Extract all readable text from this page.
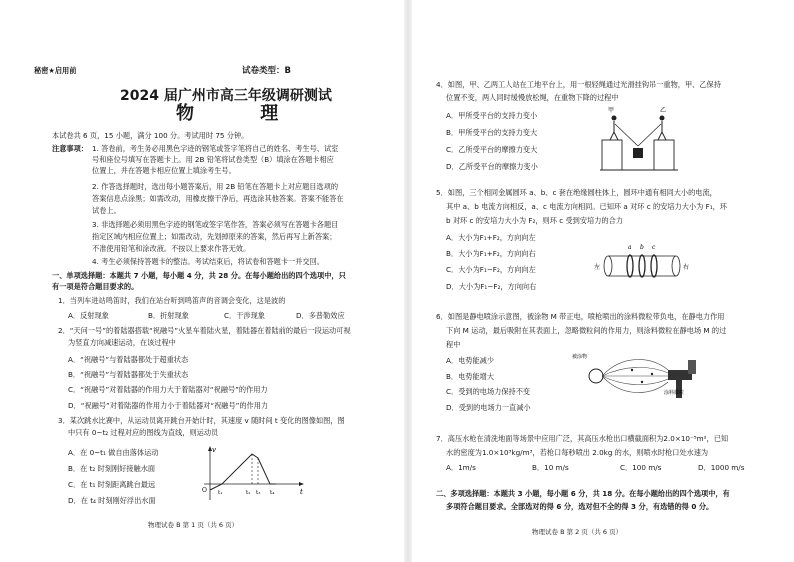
秘密★启用前	试卷类型：B
2024 届广州市高三年级调研测试
物 理
本试卷共 6 页，15 小题，满分 100 分。考试用时 75 分钟。
注意事项： 1. 答卷前，考生务必用黑色字迹的钢笔或签字笔将自己的姓名、考生号、试室
号和座位号填写在答题卡上。用 2B 铅笔将试卷类型（B）填涂在答题卡相应
位置上，并在答题卡相应位置上填涂考生号。
2. 作答选择题时，选出每小题答案后，用 2B 铅笔在答题卡上对应题目选项的
答案信息点涂黑；如需改动，用橡皮擦干净后，再选涂其他答案。答案不能答在
试卷上。
3. 非选择题必须用黑色字迹的钢笔或签字笔作答，答案必须写在答题卡各题目
指定区域内相应位置上；如需改动，先划掉原来的答案，然后再写上新答案；
不准使用铅笔和涂改液。不按以上要求作答无效。
4. 考生必须保持答题卡的整洁。考试结束后，将试卷和答题卡一并交回。
一、单项选择题：本题共 7 小题，每小题 4 分，共 28 分。在每小题给出的四个选项中，只
有一项是符合题目要求的。
1．当列车进站鸣笛时，我们在站台听到鸣笛声的音调会变化，这是波的
A．反射现象	B．折射现象	C．干涉现象	D．多普勒效应
2．“天问一号”的着陆器搭载“祝融号”火星车着陆火星，着陆器在着陆前的最后一段运动可视
为竖直方向减速运动，在该过程中
A．“祝融号”与着陆器都处于超重状态
B．“祝融号”与着陆器都处于失重状态
C．“祝融号”对着陆器的作用力大于着陆器对“祝融号”的作用力
D．“祝融号”对着陆器的作用力小于着陆器对“祝融号”的作用力
3．某次跳水比赛中，从运动员离开跳台开始计时，其速度 v 随时间 t 变化的图像如图，图
中只有 0~t₂ 过程对应的图线为直线，则运动员
A．在 0~t₁ 做自由落体运动
B．在 t₂ 时刻刚好接触水面
C．在 t₁ 时刻距离跳台最远
D．在 t₄ 时刻刚好浮出水面
v
t
O t₁	t₂ t₃ t₄
物理试卷 B 第 1 页（共 6 页）
4．如图，甲、乙两工人站在工地平台上，用一根轻绳通过光滑挂钩吊一重物，甲、乙保持
位置不变，两人同时缓慢放松绳，在重物下降的过程中
A．甲所受平台的支持力变小
B．甲所受平台的支持力变大
C．乙所受平台的摩擦力变大
D．乙所受平台的摩擦力变小
甲	乙
5．如图，三个相同金属圆环 a、b、c 套在绝缘圆柱体上，圆环中通有相同大小的电流，
其中 a、b 电流方向相反，a、c 电流方向相同。已知环 a 对环 c 的安培力大小为 F₁，环
b 对环 c 的安培力大小为 F₂，则环 c 受到安培力的合力
A．大小为F₁+F₂，方向向左
B．大小为F₁+F₂，方向向右
C．大小为F₁−F₂，方向向左
D．大小为F₁−F₂，方向向右
a b c
左	右
6．如图是静电喷涂示意图，被涂物 M 带正电，喷枪喷出的涂料微粒带负电，在静电力作用
下向 M 运动，最后吸附在其表面上，忽略微粒间的作用力，则涂料微粒在静电场 M 的过
程中
A．电势能减少
B．电势能增大
C．受到的电场力保持不变
D．受到的电场力一直减小
被涂物
涂料微粒
7．高压水枪在清洗地面等场景中应用广泛，其高压水枪出口横截面积为2.0×10⁻⁵m²，已知
水的密度为1.0×10³kg/m³，若枪口每秒喷出 2.0kg 的水，则喷水时枪口处水速为
A．1m/s	B．10 m/s	C．100 m/s	D．1000 m/s
二、多项选择题：本题共 3 小题，每小题 6 分，共 18 分。在每小题给出的四个选项中，有
多项符合题目要求。全部选对的得 6 分，选对但不全的得 3 分，有选错的得 0 分。
物理试卷 B 第 2 页（共 6 页）
